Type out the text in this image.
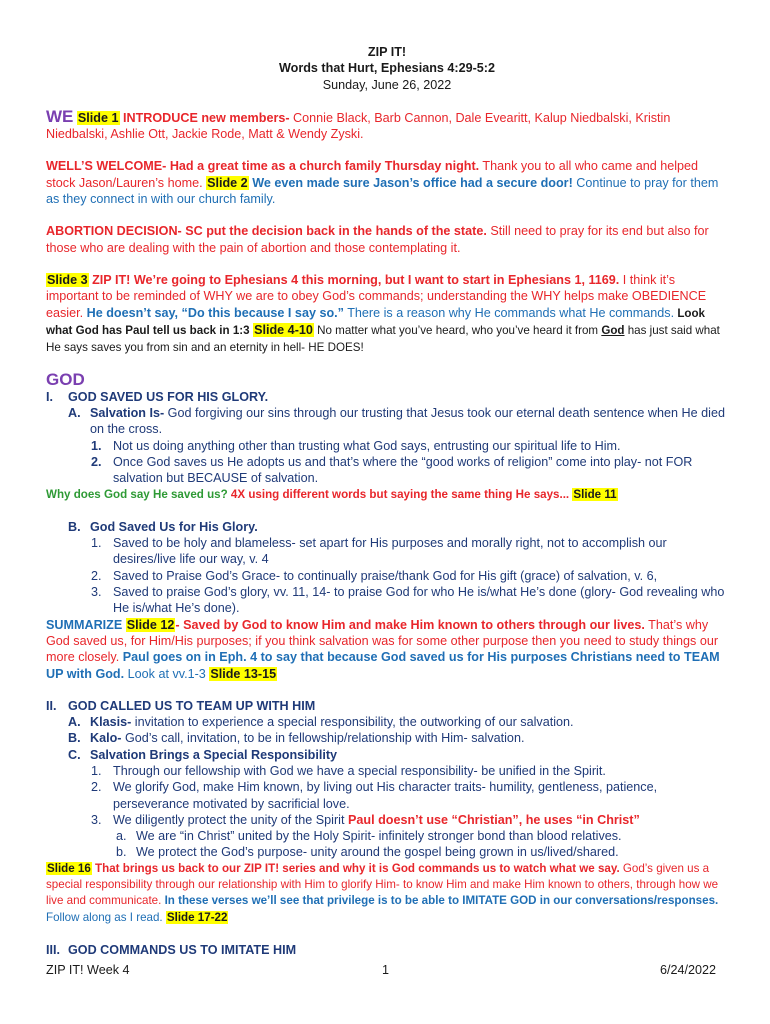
ZIP IT!

Words that Hurt, Ephesians 4:29-5:2

Sunday, June 26, 2022

WE Slide 1 INTRODUCE new members- Connie Black, Barb Cannon, Dale Evearitt, Kalup Niedbalski, Kristin Niedbalski, Ashlie Ott, Jackie Rode, Matt & Wendy Zyski.

WELL’S WELCOME- Had a great time as a church family Thursday night. Thank you to all who came and helped stock Jason/Lauren’s home. Slide 2 We even made sure Jason’s office had a secure door! Continue to pray for them as they connect in with our church family.

ABORTION DECISION- SC put the decision back in the hands of the state. Still need to pray for its end but also for those who are dealing with the pain of abortion and those contemplating it.

Slide 3 ZIP IT! We’re going to Ephesians 4 this morning, but I want to start in Ephesians 1, 1169. I think it’s important to be reminded of WHY we are to obey God’s commands; understanding the WHY helps make OBEDIENCE easier. He doesn’t say, “Do this because I say so.” There is a reason why He commands what He commands. Look what God has Paul tell us back in 1:3 Slide 4-10 No matter what you’ve heard, who you’ve heard it from God has just said what He says saves you from sin and an eternity in hell- HE DOES!

GOD

I. GOD SAVED US FOR HIS GLORY.
A. Salvation Is- God forgiving our sins through our trusting that Jesus took our eternal death sentence when He died on the cross.
1. Not us doing anything other than trusting what God says, entrusting our spiritual life to Him.
2. Once God saves us He adopts us and that’s where the “good works of religion” come into play- not FOR salvation but BECAUSE of salvation.

Why does God say He saved us? 4X using different words but saying the same thing He says... Slide 11

B. God Saved Us for His Glory.
1. Saved to be holy and blameless- set apart for His purposes and morally right, not to accomplish our desires/live life our way, v. 4
2. Saved to Praise God’s Grace- to continually praise/thank God for His gift (grace) of salvation, v. 6,
3. Saved to praise God’s glory, vv. 11, 14- to praise God for who He is/what He’s done (glory- God revealing who He is/what He’s done).

SUMMARIZE Slide 12- Saved by God to know Him and make Him known to others through our lives. That’s why God saved us, for Him/His purposes; if you think salvation was for some other purpose then you need to study things our more closely. Paul goes on in Eph. 4 to say that because God saved us for His purposes Christians need to TEAM UP with God. Look at vv.1-3 Slide 13-15

II. GOD CALLED US TO TEAM UP WITH HIM
A. Klasis- invitation to experience a special responsibility, the outworking of our salvation.
B. Kalo- God’s call, invitation, to be in fellowship/relationship with Him- salvation.
C. Salvation Brings a Special Responsibility
1. Through our fellowship with God we have a special responsibility- be unified in the Spirit.
2. We glorify God, make Him known, by living out His character traits- humility, gentleness, patience, perseverance motivated by sacrificial love.
3. We diligently protect the unity of the Spirit Paul doesn’t use “Christian”, he uses “in Christ”
a. We are “in Christ” united by the Holy Spirit- infinitely stronger bond than blood relatives.
b. We protect the God’s purpose- unity around the gospel being grown in us/lived/shared.

Slide 16 That brings us back to our ZIP IT! series and why it is God commands us to watch what we say. God’s given us a special responsibility through our relationship with Him to glorify Him- to know Him and make Him known to others, through how we live and communicate. In these verses we’ll see that privilege is to be able to IMITATE GOD in our conversations/responses. Follow along as I read. Slide 17-22

III. GOD COMMANDS US TO IMITATE HIM
ZIP IT! Week 4	1	6/24/2022
